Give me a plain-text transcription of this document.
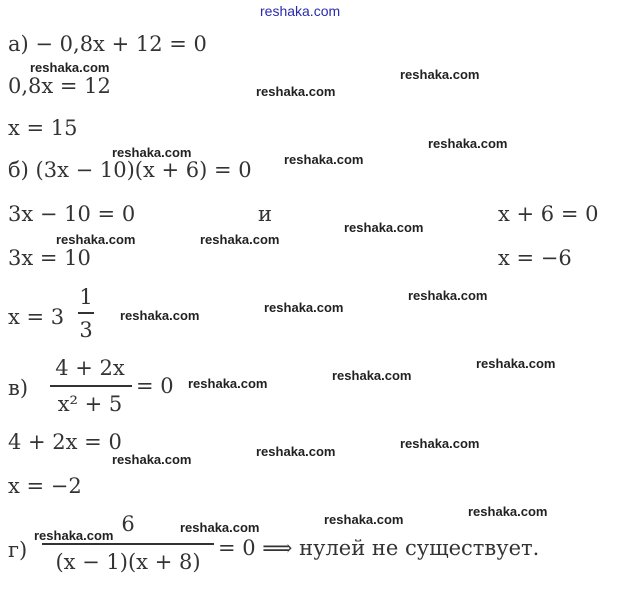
reshaka.com
а) − 0,8x + 12 = 0
0,8x = 12
x = 15
б) (3x − 10)(x + 6) = 0
3x − 10 = 0	и	x + 6 = 0
3x = 10	x = −6
x = 3
1
3
в)
4 + 2x
x² + 5
= 0
4 + 2x = 0
x = −2
г)
6
(x − 1)(x + 8)
= 0 ⟹ нулей не существует.
reshaka.com	reshaka.com
reshaka.com
reshaka.com
reshaka.com	reshaka.com
reshaka.com
reshaka.com	reshaka.com
reshaka.com
reshaka.com
reshaka.com
reshaka.com
reshaka.com
reshaka.com
reshaka.com
reshaka.com
reshaka.com
reshaka.com
reshaka.com
reshaka.com
reshaka.com
